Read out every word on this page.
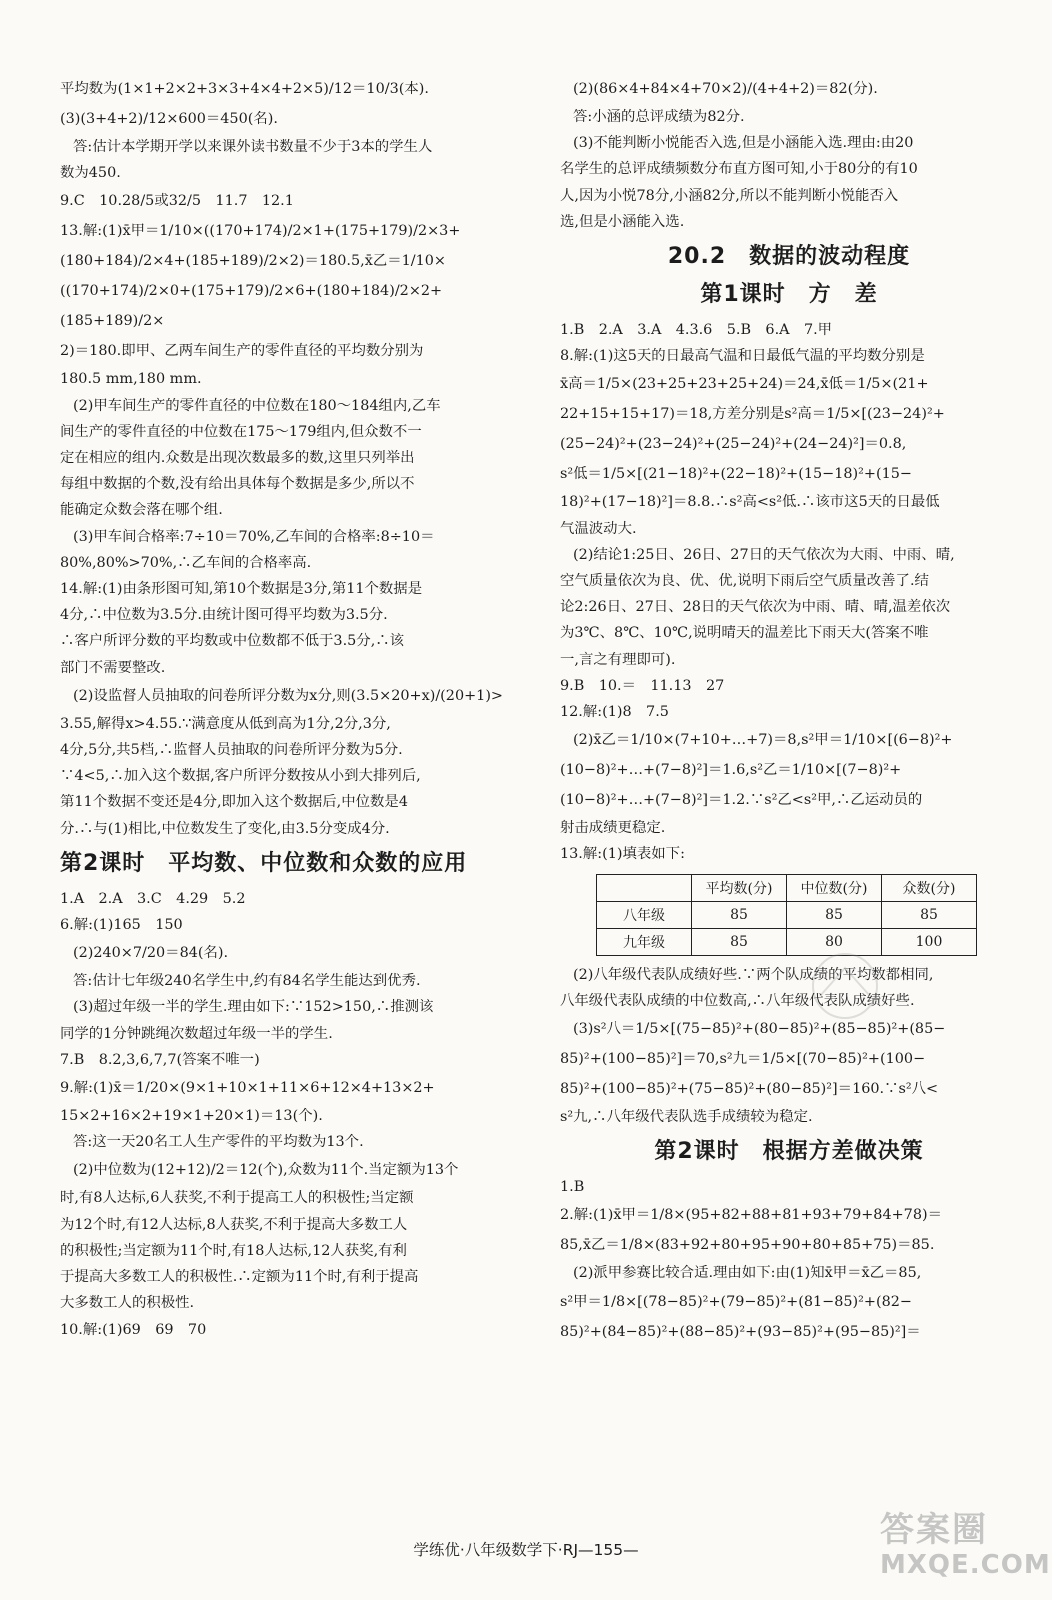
平均数为(1×1+2×2+3×3+4×4+2×5)/12＝10/3(本).

(3)(3+4+2)/12×600＝450(名).

答:估计本学期开学以来课外读书数量不少于3本的学生人

数为450.

9.C　10.28/5或32/5　11.7　12.1

13.解:(1)x̄甲＝1/10×((170+174)/2×1+(175+179)/2×3+

(180+184)/2×4+(185+189)/2×2)＝180.5,x̄乙＝1/10×

((170+174)/2×0+(175+179)/2×6+(180+184)/2×2+(185+189)/2×

2)＝180.即甲、乙两车间生产的零件直径的平均数分别为

180.5 mm,180 mm.

(2)甲车间生产的零件直径的中位数在180～184组内,乙车

间生产的零件直径的中位数在175～179组内,但众数不一

定在相应的组内.众数是出现次数最多的数,这里只列举出

每组中数据的个数,没有给出具体每个数据是多少,所以不

能确定众数会落在哪个组.

(3)甲车间合格率:7÷10＝70%,乙车间的合格率:8÷10＝

80%,80%>70%,∴乙车间的合格率高.

14.解:(1)由条形图可知,第10个数据是3分,第11个数据是

4分,∴中位数为3.5分.由统计图可得平均数为3.5分.

∴客户所评分数的平均数或中位数都不低于3.5分,∴该

部门不需要整改.

(2)设监督人员抽取的问卷所评分数为x分,则(3.5×20+x)/(20+1)>

3.55,解得x>4.55.∵满意度从低到高为1分,2分,3分,

4分,5分,共5档,∴监督人员抽取的问卷所评分数为5分.

∵4<5,∴加入这个数据,客户所评分数按从小到大排列后,

第11个数据不变还是4分,即加入这个数据后,中位数是4

分.∴与(1)相比,中位数发生了变化,由3.5分变成4分.

第2课时　平均数、中位数和众数的应用

1.A　2.A　3.C　4.29　5.2

6.解:(1)165　150

(2)240×7/20＝84(名).

答:估计七年级240名学生中,约有84名学生能达到优秀.

(3)超过年级一半的学生.理由如下:∵152>150,∴推测该

同学的1分钟跳绳次数超过年级一半的学生.

7.B　8.2,3,6,7,7(答案不唯一)

9.解:(1)x̄＝1/20×(9×1+10×1+11×6+12×4+13×2+

15×2+16×2+19×1+20×1)＝13(个).

答:这一天20名工人生产零件的平均数为13个.

(2)中位数为(12+12)/2＝12(个),众数为11个.当定额为13个

时,有8人达标,6人获奖,不利于提高工人的积极性;当定额

为12个时,有12人达标,8人获奖,不利于提高大多数工人

的积极性;当定额为11个时,有18人达标,12人获奖,有利

于提高大多数工人的积极性.∴定额为11个时,有利于提高

大多数工人的积极性.

10.解:(1)69　69　70

(2)(86×4+84×4+70×2)/(4+4+2)＝82(分).

答:小涵的总评成绩为82分.

(3)不能判断小悦能否入选,但是小涵能入选.理由:由20

名学生的总评成绩频数分布直方图可知,小于80分的有10

人,因为小悦78分,小涵82分,所以不能判断小悦能否入

选,但是小涵能入选.

20.2　数据的波动程度
第1课时　方　差

1.B　2.A　3.A　4.3.6　5.B　6.A　7.甲

8.解:(1)这5天的日最高气温和日最低气温的平均数分别是

x̄高＝1/5×(23+25+23+25+24)＝24,x̄低＝1/5×(21+

22+15+15+17)＝18,方差分别是s²高＝1/5×[(23−24)²+

(25−24)²+(23−24)²+(25−24)²+(24−24)²]＝0.8,

s²低＝1/5×[(21−18)²+(22−18)²+(15−18)²+(15−

18)²+(17−18)²]＝8.8.∴s²高<s²低.∴该市这5天的日最低

气温波动大.

(2)结论1:25日、26日、27日的天气依次为大雨、中雨、晴,

空气质量依次为良、优、优,说明下雨后空气质量改善了.结

论2:26日、27日、28日的天气依次为中雨、晴、晴,温差依次

为3℃、8℃、10℃,说明晴天的温差比下雨天大(答案不唯

一,言之有理即可).

9.B　10.＝　11.13　27

12.解:(1)8　7.5

(2)x̄乙＝1/10×(7+10+…+7)＝8,s²甲＝1/10×[(6−8)²+

(10−8)²+…+(7−8)²]＝1.6,s²乙＝1/10×[(7−8)²+

(10−8)²+…+(7−8)²]＝1.2.∵s²乙<s²甲,∴乙运动员的

射击成绩更稳定.

13.解:(1)填表如下:

	平均数(分)	中位数(分)	众数(分)
八年级	85	85	85
九年级	85	80	100

(2)八年级代表队成绩好些.∵两个队成绩的平均数都相同,

八年级代表队成绩的中位数高,∴八年级代表队成绩好些.

(3)s²八＝1/5×[(75−85)²+(80−85)²+(85−85)²+(85−

85)²+(100−85)²]＝70,s²九＝1/5×[(70−85)²+(100−

85)²+(100−85)²+(75−85)²+(80−85)²]＝160.∵s²八<

s²九,∴八年级代表队选手成绩较为稳定.

第2课时　根据方差做决策

1.B

2.解:(1)x̄甲＝1/8×(95+82+88+81+93+79+84+78)＝

85,x̄乙＝1/8×(83+92+80+95+90+80+85+75)＝85.

(2)派甲参赛比较合适.理由如下:由(1)知x̄甲＝x̄乙＝85,

s²甲＝1/8×[(78−85)²+(79−85)²+(81−85)²+(82−

85)²+(84−85)²+(88−85)²+(93−85)²+(95−85)²]＝

学练优·八年级数学下·RJ—155—	答案圈
MXQE.COM
